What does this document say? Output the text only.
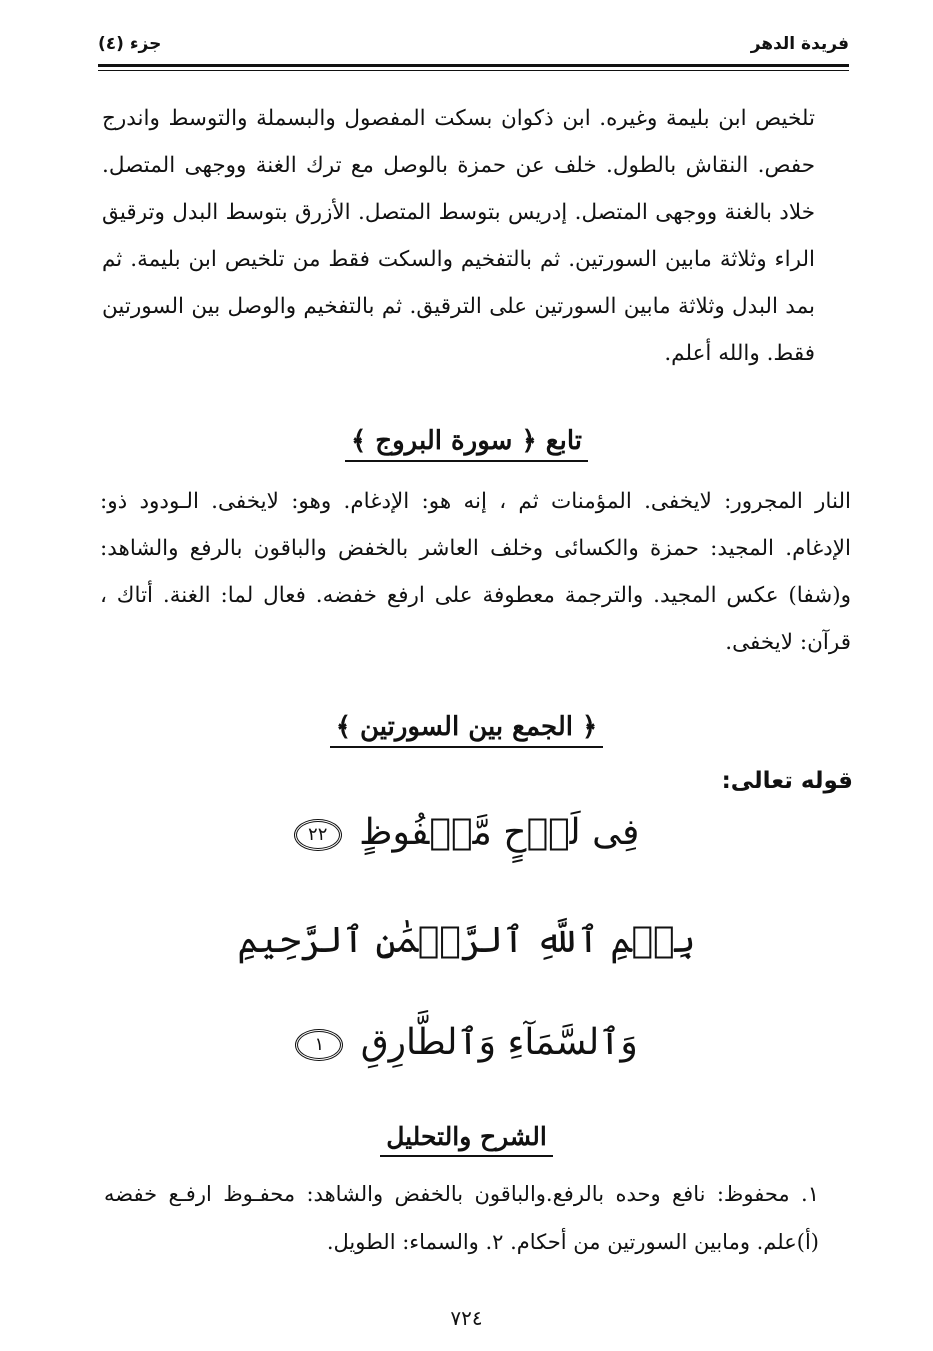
فريدة الدهر
جزء (٤)
تلخيص ابن بليمة وغيره. ابن ذكوان بسكت المفصول والبسملة والتوسط واندرج حفص. النقاش بالطول. خلف عن حمزة بالوصل مع ترك الغنة ووجهى المتصل. خلاد بالغنة ووجهى المتصل. إدريس بتوسط المتصل. الأزرق بتوسط البدل وترقيق الراء وثلاثة مابين السورتين. ثم بالتفخيم والسكت فقط من تلخيص ابن بليمة. ثم بمد البدل وثلاثة مابين السورتين على الترقيق. ثم بالتفخيم والوصل بين السورتين فقط. والله أعلم.
تابع ﴿ سورة البروج ﴾
النار المجرور: لايخفى. المؤمنات ثم ، إنه هو: الإدغام. وهو: لايخفى. الـودود ذو: الإدغام. المجيد: حمزة والكسائى وخلف العاشر بالخفض والباقون بالرفع والشاهد: و(شفا) عكس المجيد. والترجمة معطوفة على ارفع خفضه. فعال لما: الغنة. أتاك ، قرآن: لايخفى.
﴿ الجمع بين السورتين ﴾
قوله تعالى:
فِى لَوۡحٍ مَّحۡفُوظٍ ٢٢
بِسۡمِ ٱللَّهِ ٱلرَّحۡمَٰنِ ٱلرَّحِيمِ
وَٱلسَّمَآءِ وَٱلطَّارِقِ ١
الشرح والتحليل
١. محفوظ: نافع وحده بالرفع.والباقون بالخفض والشاهد: محفـوظ ارفـع خفضه (أ)علم. ومابين السورتين من أحكام. ٢. والسماء: الطويل.
٧٢٤
